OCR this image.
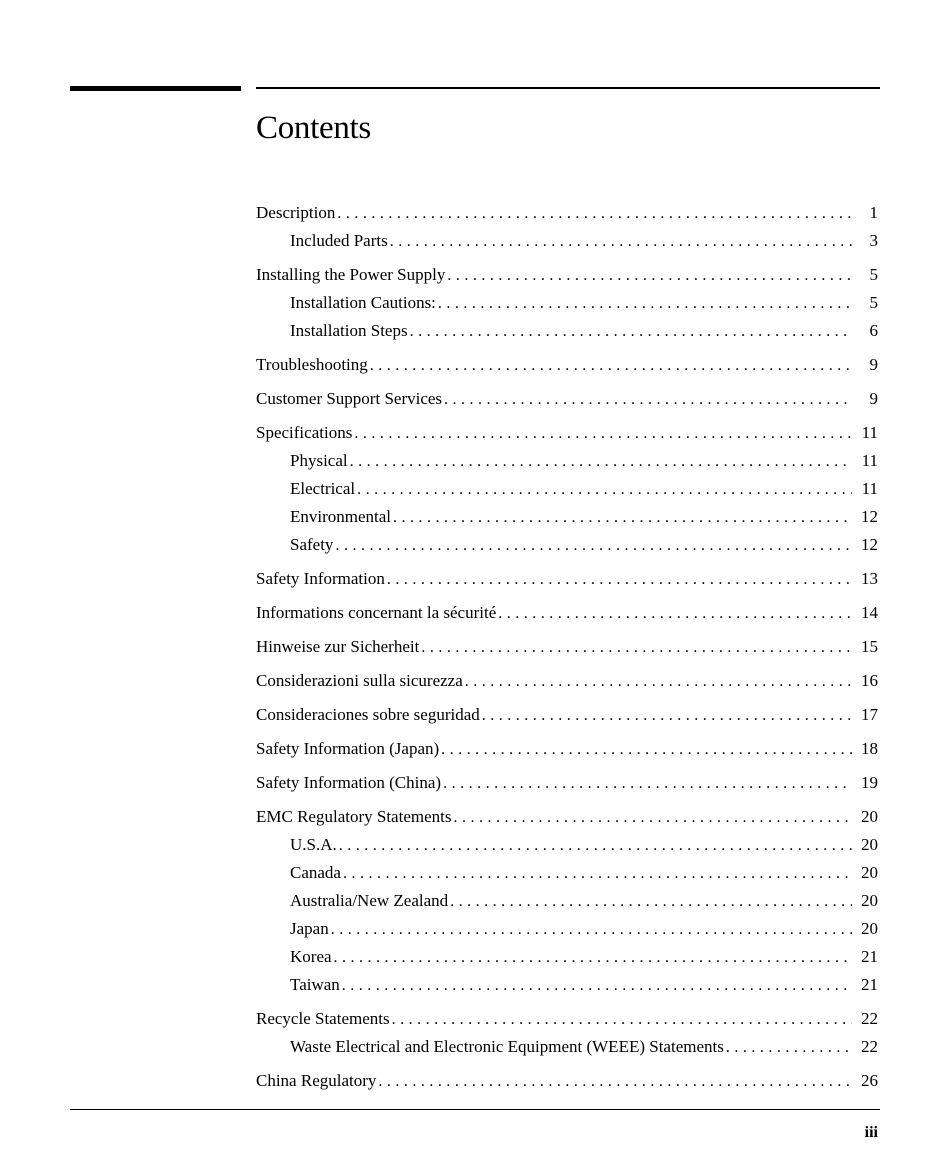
Contents
Description . . .	1
Included Parts . . .	3
Installing the Power Supply . . .	5
Installation Cautions: . . .	5
Installation Steps . . .	6
Troubleshooting . . .	9
Customer Support Services . . .	9
Specifications . . .	11
Physical . . .	11
Electrical . . .	11
Environmental . . .	12
Safety . . .	12
Safety Information . . .	13
Informations concernant la sécurité . . .	14
Hinweise zur Sicherheit . . .	15
Considerazioni sulla sicurezza . . .	16
Consideraciones sobre seguridad . . .	17
Safety Information (Japan) . . .	18
Safety Information (China) . . .	19
EMC Regulatory Statements . . .	20
U.S.A. . . .	20
Canada . . .	20
Australia/New Zealand . . .	20
Japan . . .	20
Korea . . .	21
Taiwan . . .	21
Recycle Statements . . .	22
Waste Electrical and Electronic Equipment (WEEE) Statements . . .	22
China Regulatory . . .	26
iii
